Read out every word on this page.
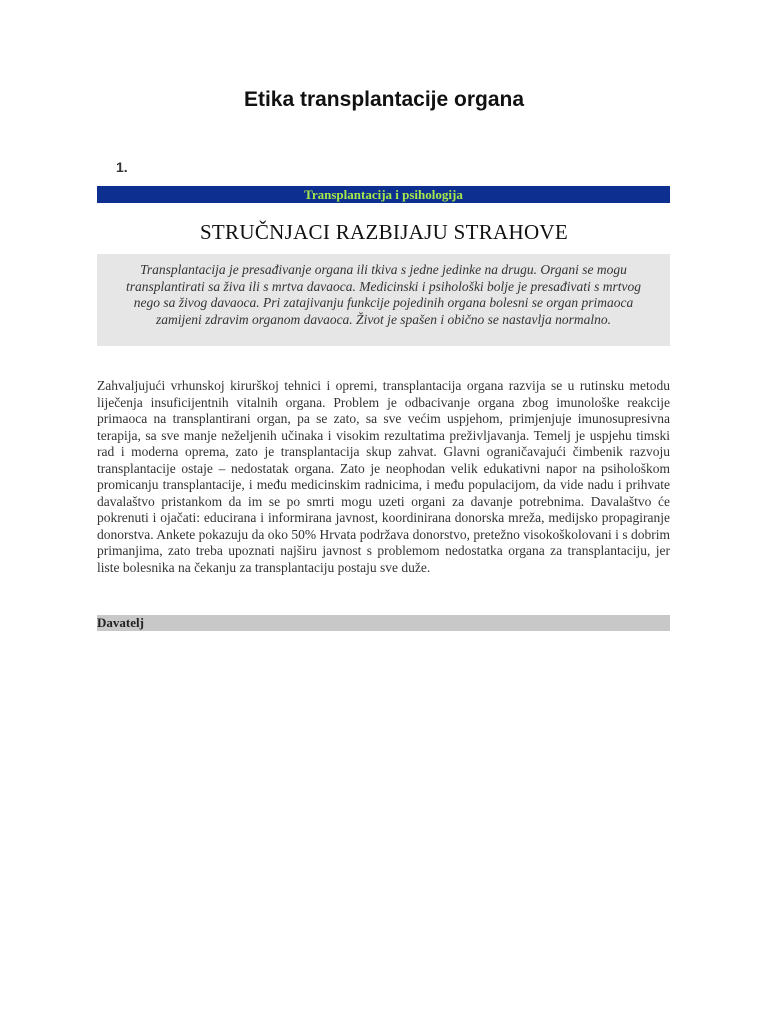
Etika transplantacije organa
1.
Transplantacija i psihologija
STRUČNJACI RAZBIJAJU STRAHOVE
Transplantacija je presađivanje organa ili tkiva s jedne jedinke na drugu. Organi se mogu transplantirati sa živa ili s mrtva davaoca. Medicinski i psihološki bolje je presađivati s mrtvog nego sa živog davaoca. Pri zatajivanju funkcije pojedinih organa bolesni se organ primaoca zamijeni zdravim organom davaoca. Život je spašen i obično se nastavlja normalno.
Zahvaljujući vrhunskoj kirurškoj tehnici i opremi, transplantacija organa razvija se u rutinsku metodu liječenja insuficijentnih vitalnih organa. Problem je odbacivanje organa zbog imunološke reakcije primaoca na transplantirani organ, pa se zato, sa sve većim uspjehom, primjenjuje imunosupresivna terapija, sa sve manje neželjenih učinaka i visokim rezultatima preživljavanja. Temelj je uspjehu timski rad i moderna oprema, zato je transplantacija skup zahvat. Glavni ograničavajući čimbenik razvoju transplantacije ostaje – nedostatak organa. Zato je neophodan velik edukativni napor na psihološkom promicanju transplantacije, i među medicinskim radnicima, i među populacijom, da vide nadu i prihvate davalaštvo pristankom da im se po smrti mogu uzeti organi za davanje potrebnima. Davalaštvo će pokrenuti i ojačati: educirana i informirana javnost, koordinirana donorska mreža, medijsko propagiranje donorstva. Ankete pokazuju da oko 50% Hrvata podržava donorstvo, pretežno visokoškolovani i s dobrim primanjima, zato treba upoznati najširu javnost s problemom nedostatka organa za transplantaciju, jer liste bolesnika na čekanju za transplantaciju postaju sve duže.
Davatelj
